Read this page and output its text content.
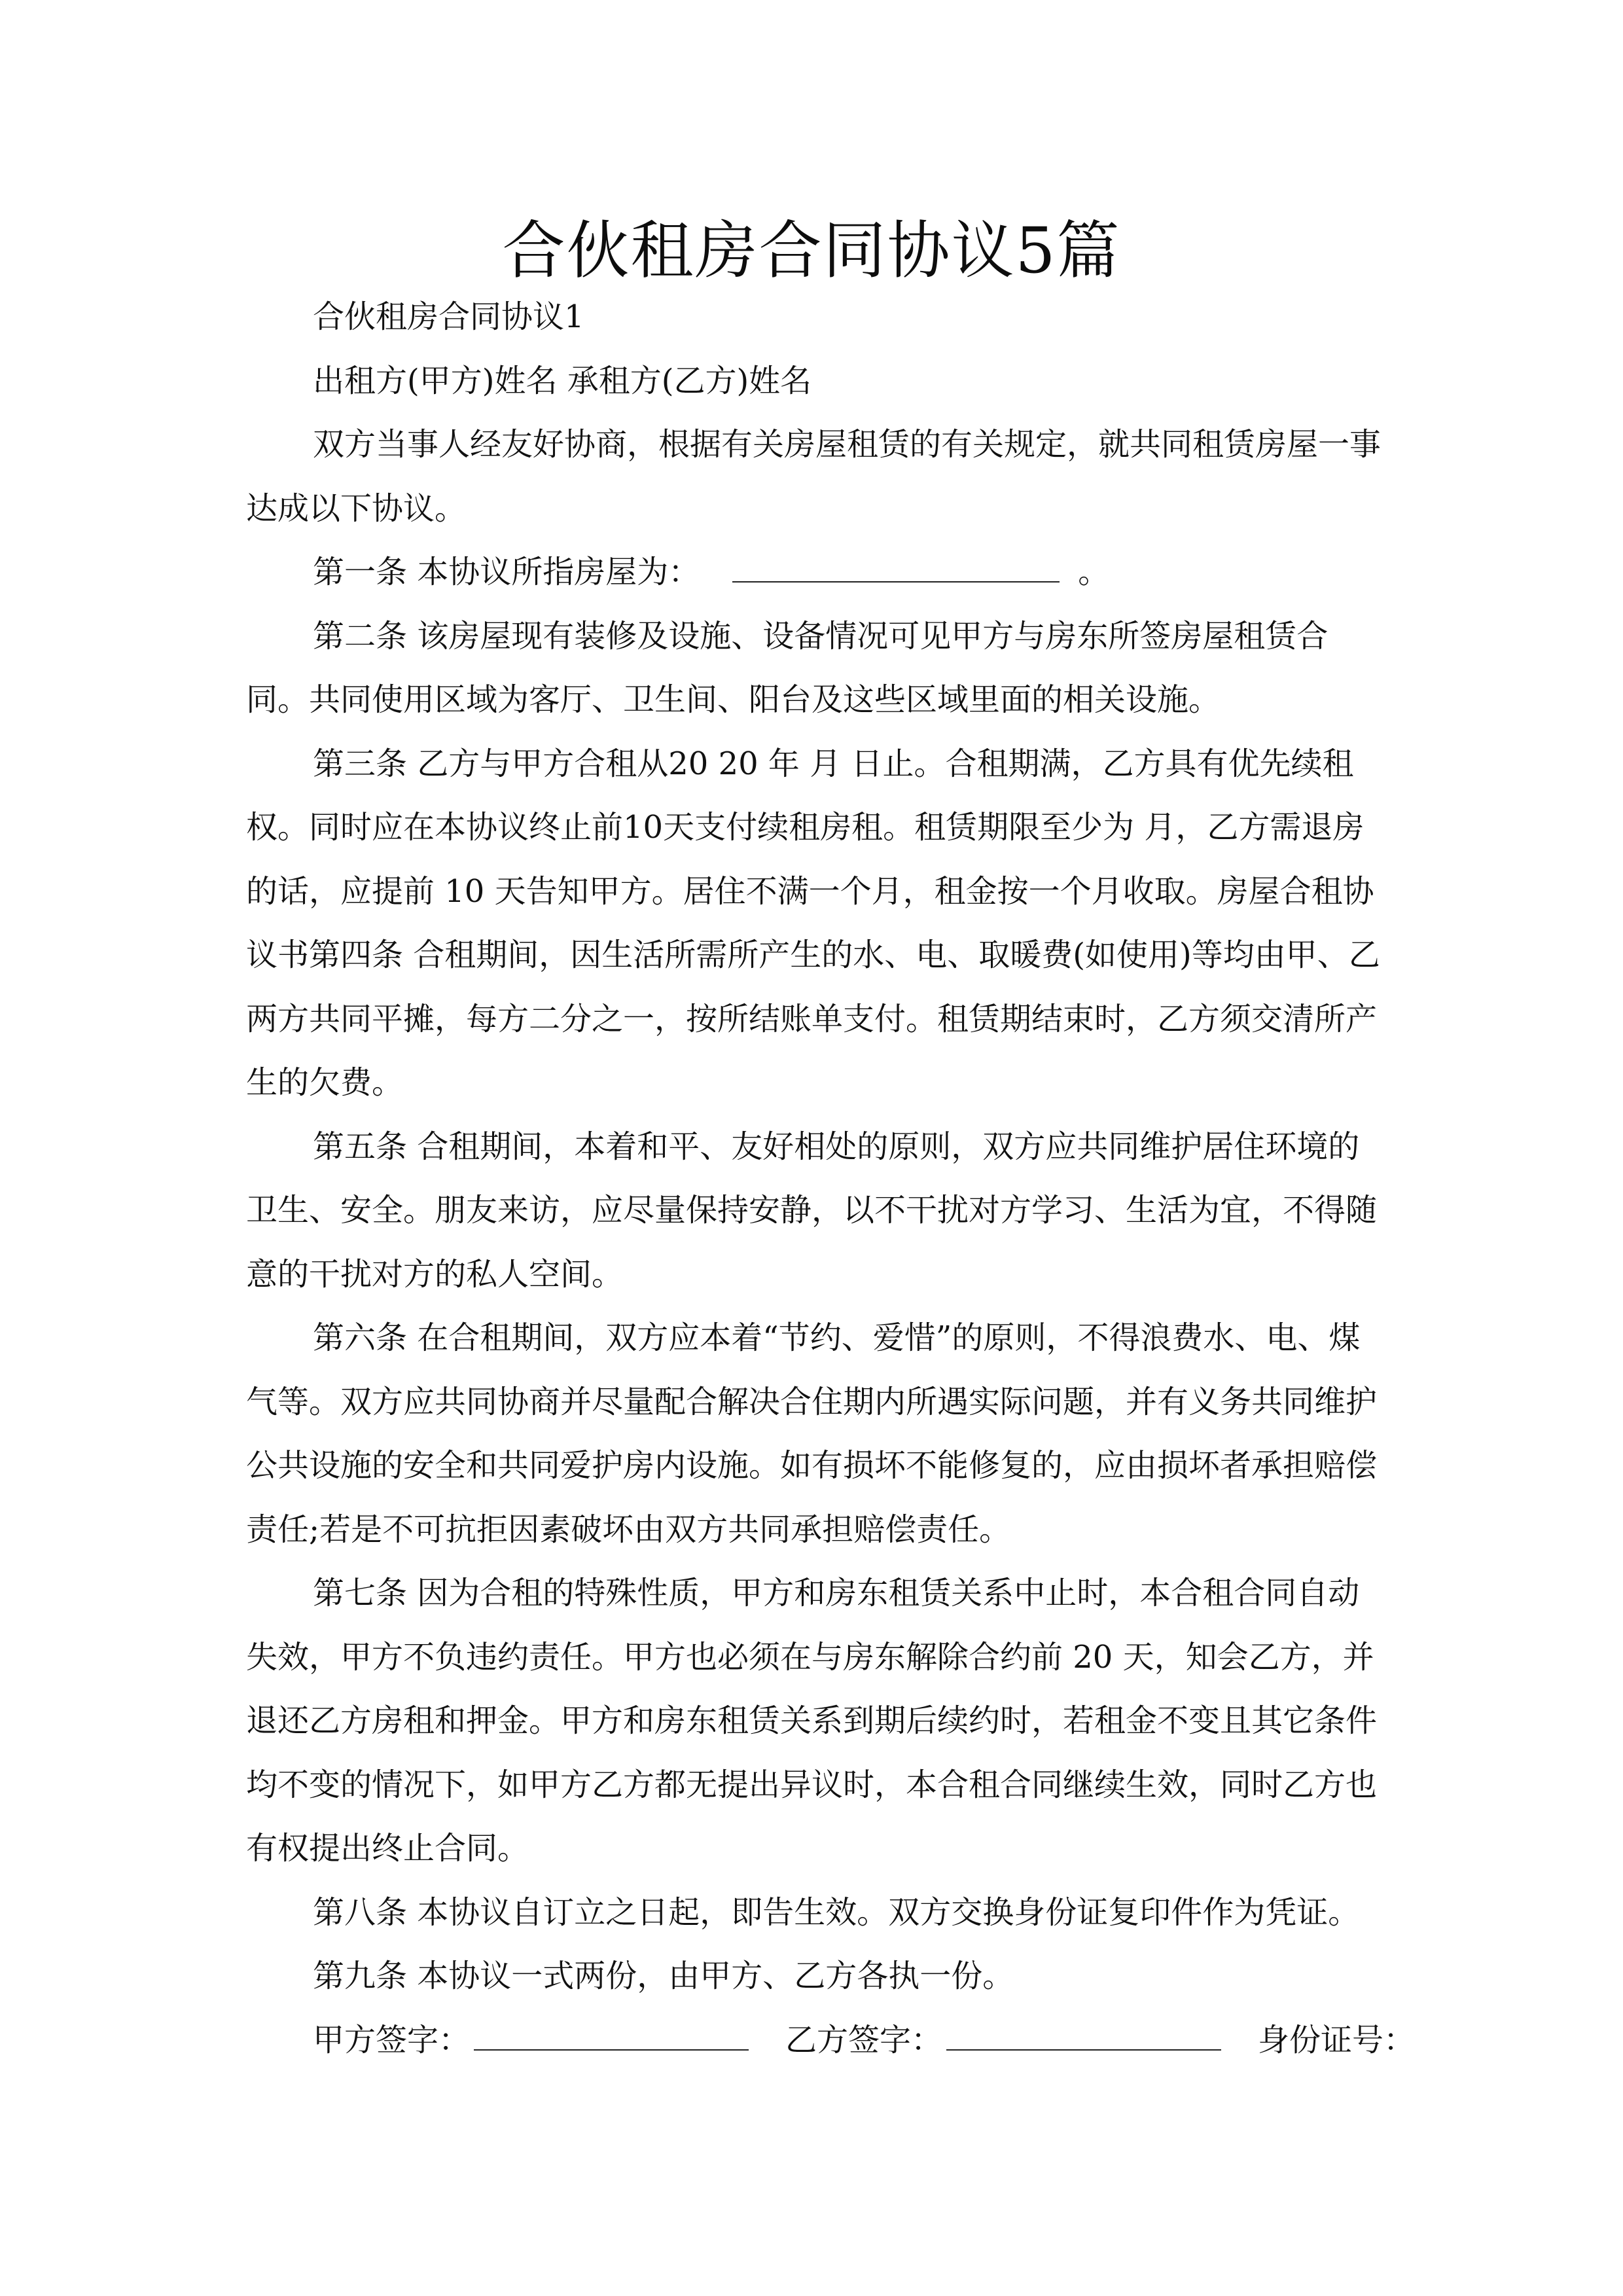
合伙租房合同协议5篇

合伙租房合同协议1

出租方(甲方)姓名 承租方(乙方)姓名

双方当事人经友好协商，根据有关房屋租赁的有关规定，就共同租赁房屋一事达成以下协议。

第一条 本协议所指房屋为：	。

第二条 该房屋现有装修及设施、设备情况可见甲方与房东所签房屋租赁合同。共同使用区域为客厅、卫生间、阳台及这些区域里面的相关设施。

第三条 乙方与甲方合租从20 20 年 月 日止。合租期满，乙方具有优先续租权。同时应在本协议终止前10天支付续租房租。租赁期限至少为 月，乙方需退房的话，应提前 10 天告知甲方。居住不满一个月，租金按一个月收取。房屋合租协议书第四条 合租期间，因生活所需所产生的水、电、取暖费(如使用)等均由甲、乙两方共同平摊，每方二分之一，按所结账单支付。租赁期结束时，乙方须交清所产生的欠费。

第五条 合租期间，本着和平、友好相处的原则，双方应共同维护居住环境的卫生、安全。朋友来访，应尽量保持安静，以不干扰对方学习、生活为宜，不得随意的干扰对方的私人空间。

第六条 在合租期间，双方应本着“节约、爱惜”的原则，不得浪费水、电、煤气等。双方应共同协商并尽量配合解决合住期内所遇实际问题，并有义务共同维护公共设施的安全和共同爱护房内设施。如有损坏不能修复的，应由损坏者承担赔偿责任;若是不可抗拒因素破坏由双方共同承担赔偿责任。

第七条 因为合租的特殊性质，甲方和房东租赁关系中止时，本合租合同自动失效，甲方不负违约责任。甲方也必须在与房东解除合约前 20 天，知会乙方，并退还乙方房租和押金。甲方和房东租赁关系到期后续约时，若租金不变且其它条件均不变的情况下，如甲方乙方都无提出异议时，本合租合同继续生效，同时乙方也有权提出终止合同。

第八条 本协议自订立之日起，即告生效。双方交换身份证复印件作为凭证。

第九条 本协议一式两份，由甲方、乙方各执一份。

甲方签字：	乙方签字：	身份证号：
